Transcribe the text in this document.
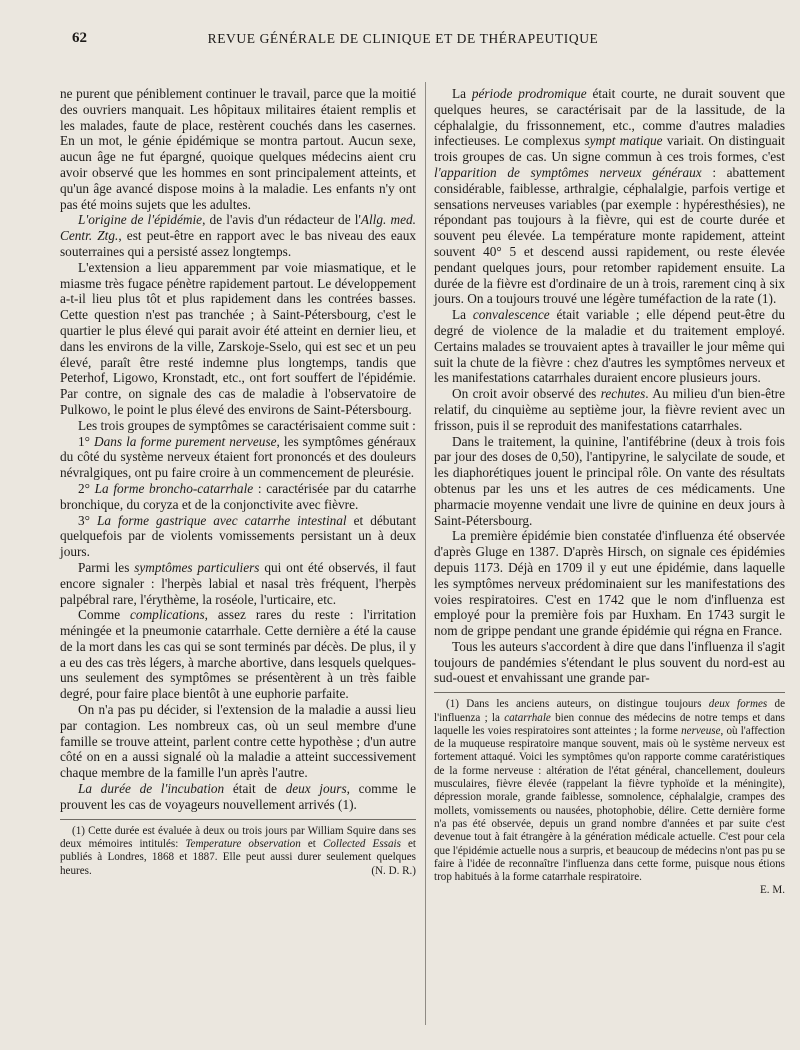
62	REVUE GÉNÉRALE DE CLINIQUE ET DE THÉRAPEUTIQUE

ne purent que péniblement continuer le travail, parce que la moitié des ouvriers manquait. Les hôpitaux militaires étaient remplis et les malades, faute de place, restèrent couchés dans les casernes. En un mot, le génie épidémique se montra partout. Aucun sexe, aucun âge ne fut épargné, quoique quelques médecins aient cru avoir observé que les hommes en sont principalement atteints, et qu'un âge avancé dispose moins à la maladie. Les enfants n'y ont pas été moins sujets que les adultes.

L'origine de l'épidémie, de l'avis d'un rédacteur de l'Allg. med. Centr. Ztg., est peut-être en rapport avec le bas niveau des eaux souterraines qui a persisté assez longtemps.

L'extension a lieu apparemment par voie miasmatique, et le miasme très fugace pénètre rapidement partout. Le développement a-t-il lieu plus tôt et plus rapidement dans les contrées basses. Cette question n'est pas tranchée ; à Saint-Pétersbourg, c'est le quartier le plus élevé qui parait avoir été atteint en dernier lieu, et dans les environs de la ville, Zarskoje-Sselo, qui est sec et un peu élevé, paraît être resté indemne plus longtemps, tandis que Peterhof, Ligowo, Kronstadt, etc., ont fort souffert de l'épidémie. Par contre, on signale des cas de maladie à l'observatoire de Pulkowo, le point le plus élevé des environs de Saint-Pétersbourg.

Les trois groupes de symptômes se caractérisaient comme suit :

1° Dans la forme purement nerveuse, les symptômes généraux du côté du système nerveux étaient fort prononcés et des douleurs névralgiques, ont pu faire croire à un commencement de pleurésie.

2° La forme broncho-catarrhale : caractérisée par du catarrhe bronchique, du coryza et de la conjonctivite avec fièvre.

3° La forme gastrique avec catarrhe intestinal et débutant quelquefois par de violents vomissements persistant un à deux jours.

Parmi les symptômes particuliers qui ont été observés, il faut encore signaler : l'herpès labial et nasal très fréquent, l'herpès palpébral rare, l'érythème, la roséole, l'urticaire, etc.

Comme complications, assez rares du reste : l'irritation méningée et la pneumonie catarrhale. Cette dernière a été la cause de la mort dans les cas qui se sont terminés par décès. De plus, il y a eu des cas très légers, à marche abortive, dans lesquels quelques-uns seulement des symptômes se présentèrent à un très faible degré, pour faire place bientôt à une euphorie parfaite.

On n'a pas pu décider, si l'extension de la maladie a aussi lieu par contagion. Les nombreux cas, où un seul membre d'une famille se trouve atteint, parlent contre cette hypothèse ; d'un autre côté on en a aussi signalé où la maladie a atteint successivement chaque membre de la famille l'un après l'autre.

La durée de l'incubation était de deux jours, comme le prouvent les cas de voyageurs nouvellement arrivés (1).

(1) Cette durée est évaluée à deux ou trois jours par William Squire dans ses deux mémoires intitulés: Temperature observation et Collected Essais et publiés à Londres, 1868 et 1887. Elle peut aussi durer seulement quelques heures.	(N. D. R.)

La période prodromique était courte, ne durait souvent que quelques heures, se caractérisait par de la lassitude, de la céphalalgie, du frissonnement, etc., comme d'autres maladies infectieuses. Le complexus sympt matique variait. On distinguait trois groupes de cas. Un signe commun à ces trois formes, c'est l'apparition de symptômes nerveux généraux : abattement considérable, faiblesse, arthralgie, céphalalgie, parfois vertige et sensations nerveuses variables (par exemple : hypéresthésies), ne répondant pas toujours à la fièvre, qui est de courte durée et souvent peu élevée. La température monte rapidement, atteint souvent 40° 5 et descend aussi rapidement, ou reste élevée pendant quelques jours, pour retomber rapidement ensuite. La durée de la fièvre est d'ordinaire de un à trois, rarement cinq à six jours. On a toujours trouvé une légère tuméfaction de la rate (1).

La convalescence était variable ; elle dépend peut-être du degré de violence de la maladie et du traitement employé. Certains malades se trouvaient aptes à travailler le jour même qui suit la chute de la fièvre : chez d'autres les symptômes nerveux et les manifestations catarrhales duraient encore plusieurs jours.

On croit avoir observé des rechutes. Au milieu d'un bien-être relatif, du cinquième au septième jour, la fièvre revient avec un frisson, puis il se reproduit des manifestations catarrhales.

Dans le traitement, la quinine, l'antifébrine (deux à trois fois par jour des doses de 0,50), l'antipyrine, le salycilate de soude, et les diaphorétiques jouent le principal rôle. On vante des résultats obtenus par les uns et les autres de ces médicaments. Une pharmacie moyenne vendait une livre de quinine en deux jours à Saint-Pétersbourg.

La première épidémie bien constatée d'influenza été observée d'après Gluge en 1387. D'après Hirsch, on signale ces épidémies depuis 1173. Déjà en 1709 il y eut une épidémie, dans laquelle les symptômes nerveux prédominaient sur les manifestations des voies respiratoires. C'est en 1742 que le nom d'influenza est employé pour la première fois par Huxham. En 1743 surgit le nom de grippe pendant une grande épidémie qui régna en France.

Tous les auteurs s'accordent à dire que dans l'influenza il s'agit toujours de pandémies s'étendant le plus souvent du nord-est au sud-ouest et envahissant une grande par-

(1) Dans les anciens auteurs, on distingue toujours deux formes de l'influenza ; la catarrhale bien connue des médecins de notre temps et dans laquelle les voies respiratoires sont atteintes ; la forme nerveuse, où l'affection de la muqueuse respiratoire manque souvent, mais où le système nerveux est fortement attaqué. Voici les symptômes qu'on rapporte comme caratéristiques de la forme nerveuse : altération de l'état général, chancellement, douleurs musculaires, fièvre élevée (rappelant la fièvre typhoïde et la méningite), dépression morale, grande faiblesse, somnolence, céphalalgie, crampes des mollets, vomissements ou nausées, photophobie, délire. Cette dernière forme n'a pas été observée, depuis un grand nombre d'années et par suite c'est devenue tout à fait étrangère à la génération médicale actuelle. C'est pour cela que l'épidémie actuelle nous a surpris, et beaucoup de médecins n'ont pas pu se faire à l'idée de reconnaître l'influenza dans cette forme, puisque nous étions trop habitués à la forme catarrhale respiratoire.

E. M.
